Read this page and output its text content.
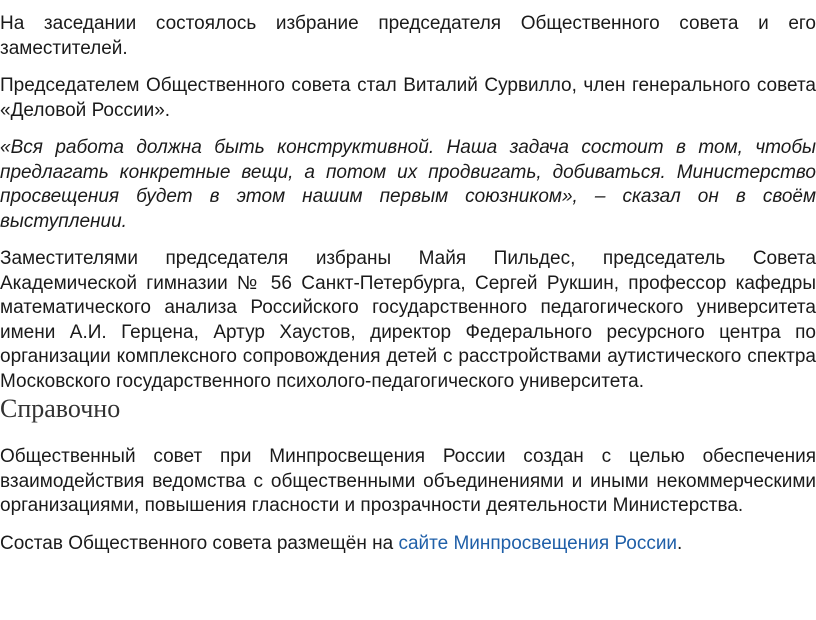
На заседании состоялось избрание председателя Общественного совета и его заместителей.

Председателем Общественного совета стал Виталий Сурвилло, член генерального совета «Деловой России».

«Вся работа должна быть конструктивной. Наша задача состоит в том, чтобы предлагать конкретные вещи, а потом их продвигать, добиваться. Министерство просвещения будет в этом нашим первым союзником», – сказал он в своём выступлении.

Заместителями председателя избраны Майя Пильдес, председатель Совета Академической гимназии № 56 Санкт-Петербурга, Сергей Рукшин, профессор кафедры математического анализа Российского государственного педагогического университета имени А.И. Герцена, Артур Хаустов, директор Федерального ресурсного центра по организации комплексного сопровождения детей с расстройствами аутистического спектра Московского государственного психолого-педагогического университета.

Справочно

Общественный совет при Минпросвещения России создан с целью обеспечения взаимодействия ведомства с общественными объединениями и иными некоммерческими организациями, повышения гласности и прозрачности деятельности Министерства.

Состав Общественного совета размещён на сайте Минпросвещения России.
